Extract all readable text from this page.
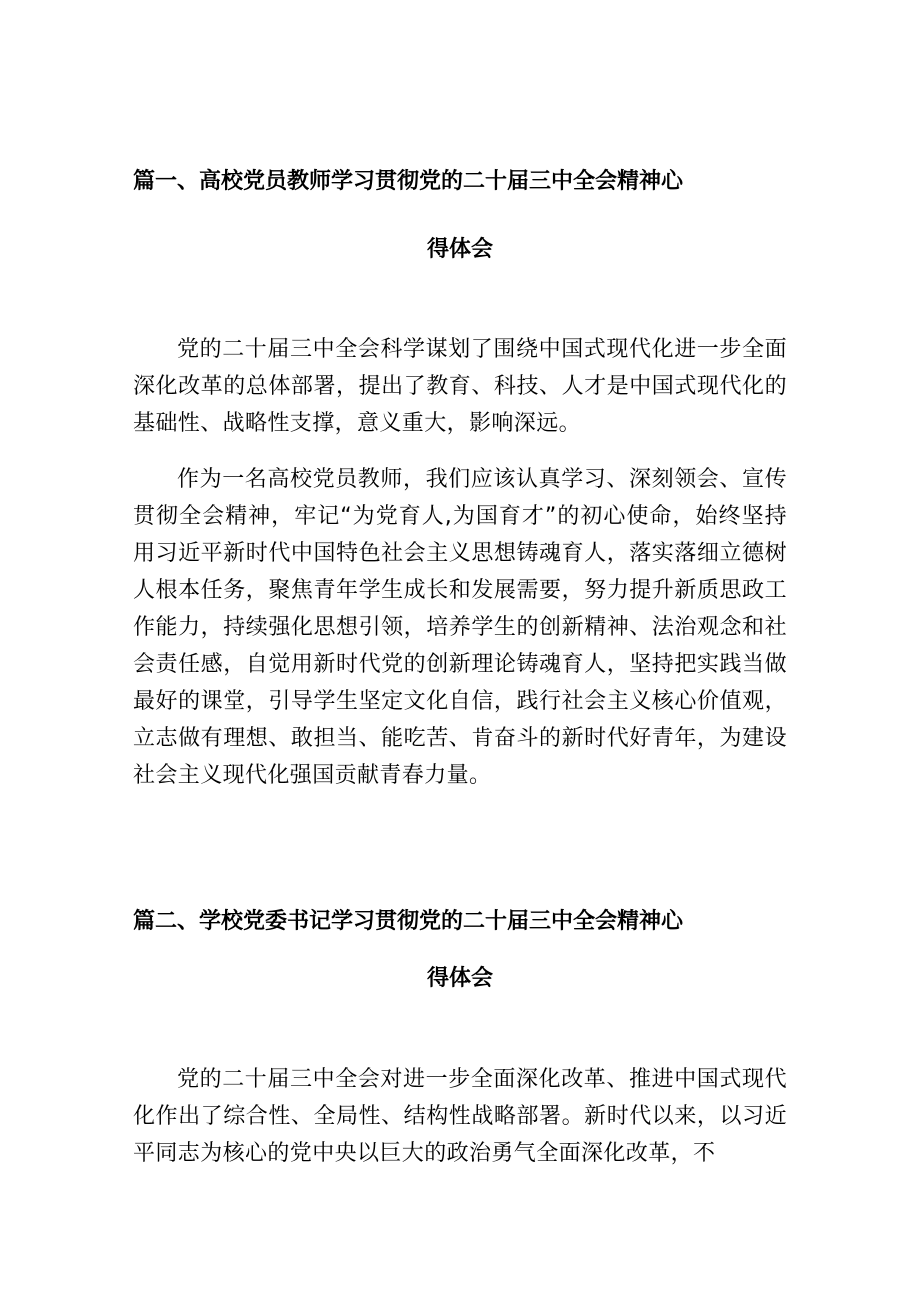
篇一、高校党员教师学习贯彻党的二十届三中全会精神心
得体会
党的二十届三中全会科学谋划了围绕中国式现代化进一步全面深化改革的总体部署，提出了教育、科技、人才是中国式现代化的基础性、战略性支撑，意义重大，影响深远。
作为一名高校党员教师，我们应该认真学习、深刻领会、宣传贯彻全会精神，牢记“为党育人,为国育才”的初心使命，始终坚持用习近平新时代中国特色社会主义思想铸魂育人，落实落细立德树人根本任务，聚焦青年学生成长和发展需要，努力提升新质思政工作能力，持续强化思想引领，培养学生的创新精神、法治观念和社会责任感，自觉用新时代党的创新理论铸魂育人，坚持把实践当做最好的课堂，引导学生坚定文化自信，践行社会主义核心价值观，立志做有理想、敢担当、能吃苦、肯奋斗的新时代好青年，为建设社会主义现代化强国贡献青春力量。
篇二、学校党委书记学习贯彻党的二十届三中全会精神心
得体会
党的二十届三中全会对进一步全面深化改革、推进中国式现代化作出了综合性、全局性、结构性战略部署。新时代以来，以习近平同志为核心的党中央以巨大的政治勇气全面深化改革，不
